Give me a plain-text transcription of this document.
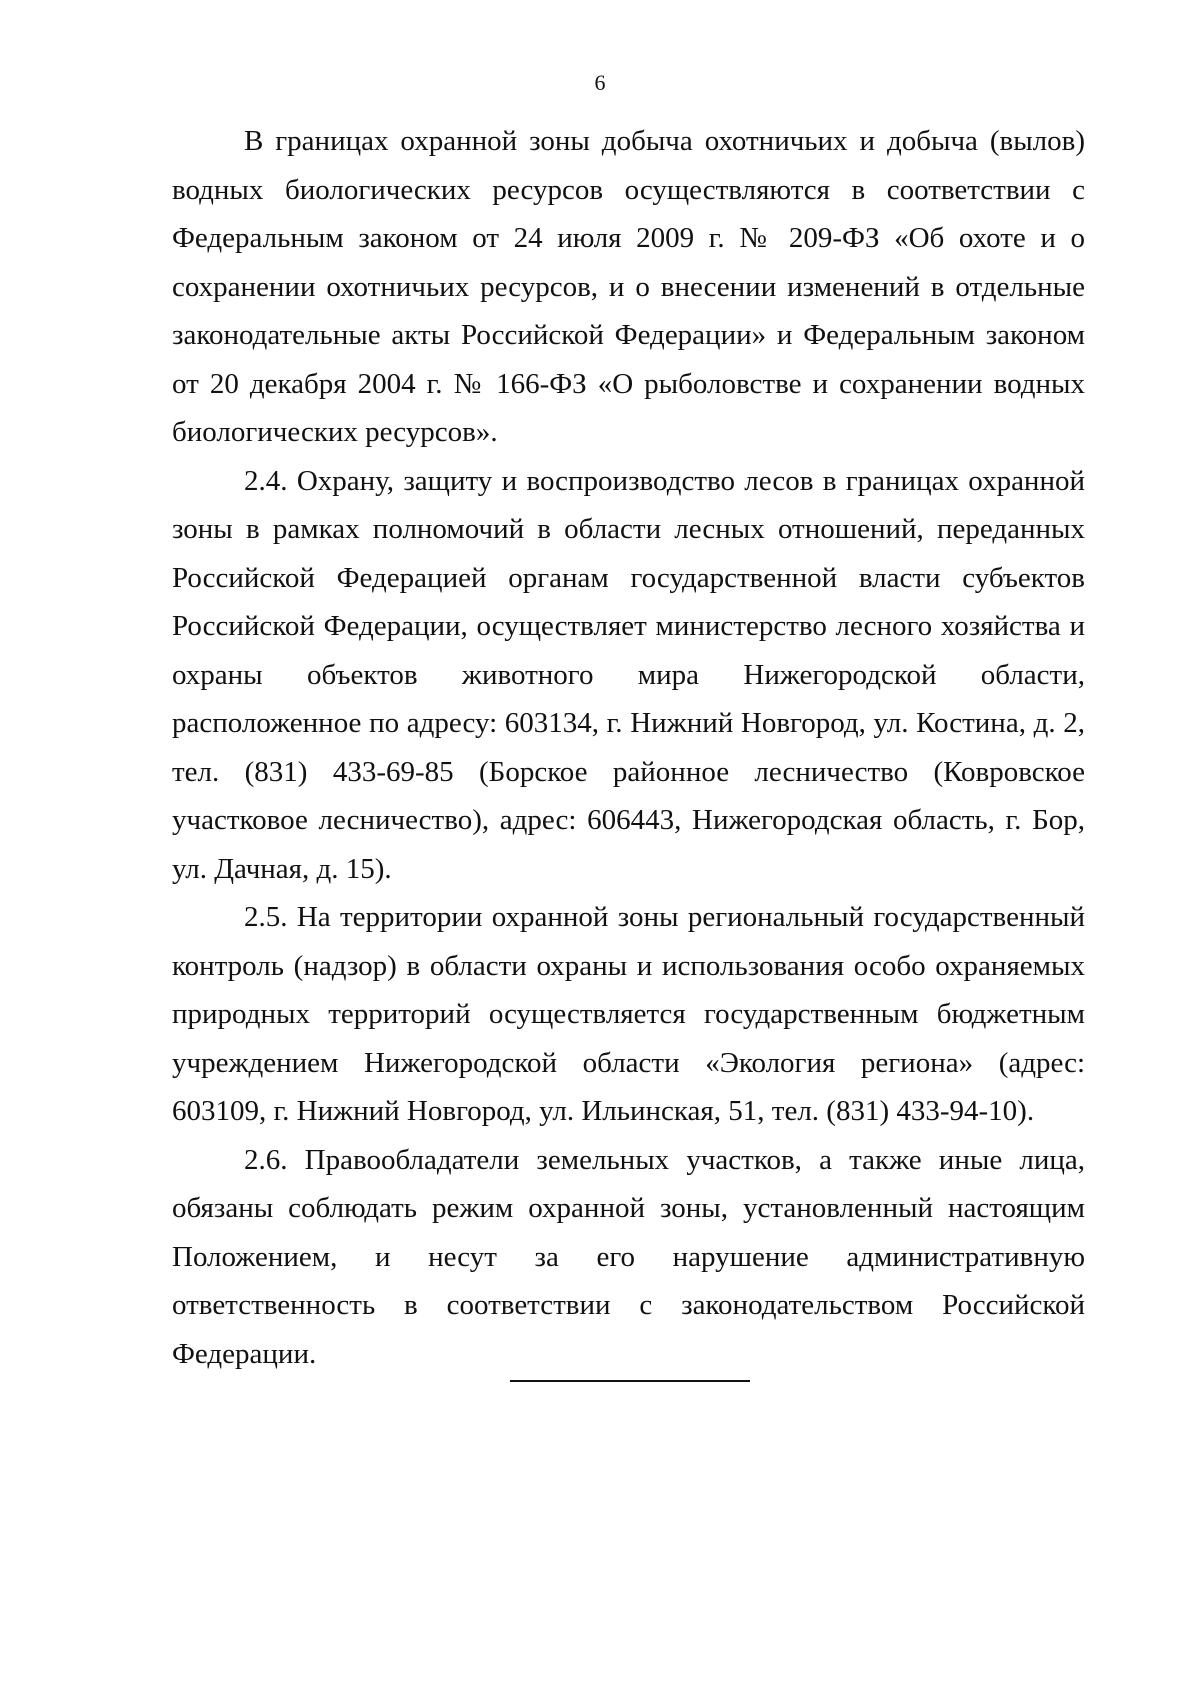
6

В границах охранной зоны добыча охотничьих и добыча (вылов) водных биологических ресурсов осуществляются в соответствии с Федеральным законом от 24 июля 2009 г. № 209-ФЗ «Об охоте и о сохранении охотничьих ресурсов, и о внесении изменений в отдельные законодательные акты Российской Федерации» и Федеральным законом от 20 декабря 2004 г. № 166-ФЗ «О рыболовстве и сохранении водных биологических ресурсов».

2.4. Охрану, защиту и воспроизводство лесов в границах охранной зоны в рамках полномочий в области лесных отношений, переданных Российской Федерацией органам государственной власти субъектов Российской Федерации, осуществляет министерство лесного хозяйства и охраны объектов животного мира Нижегородской области, расположенное по адресу: 603134, г. Нижний Новгород, ул. Костина, д. 2, тел. (831) 433-69-85 (Борское районное лесничество (Ковровское участковое лесничество), адрес: 606443, Нижегородская область, г. Бор, ул. Дачная, д. 15).

2.5. На территории охранной зоны региональный государственный контроль (надзор) в области охраны и использования особо охраняемых природных территорий осуществляется государственным бюджетным учреждением Нижегородской области «Экология региона» (адрес: 603109, г. Нижний Новгород, ул. Ильинская, 51, тел. (831) 433-94-10).

2.6. Правообладатели земельных участков, а также иные лица, обязаны соблюдать режим охранной зоны, установленный настоящим Положением, и несут за его нарушение административную ответственность в соответствии с законодательством Российской Федерации.
